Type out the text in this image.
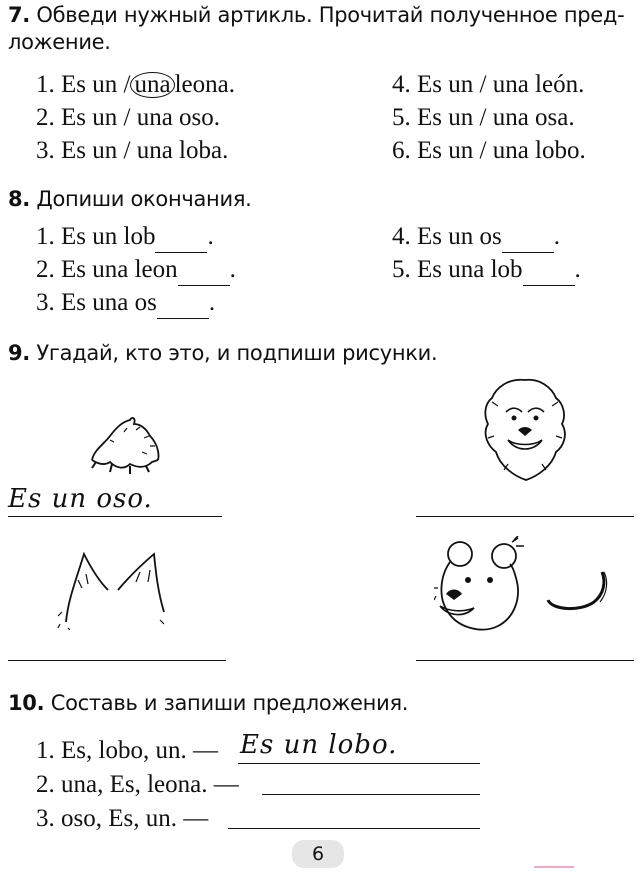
7. Обведи нужный артикль. Прочитай полученное пред-
ложение.
1. Es un / una leona.
2. Es un / una oso.
3. Es un / una loba.
4. Es un / una león.
5. Es un / una osa.
6. Es un / una lobo.
8. Допиши окончания.
1. Es un lob .
2. Es una leon .
3. Es una os .
4. Es un os .
5. Es una lob .
9. Угадай, кто это, и подпиши рисунки.
Es un oso.
10. Составь и запиши предложения.
1. Es, lobo, un. — Es un lobo.
2. una, Es, leona. —
3. oso, Es, un. —
6
